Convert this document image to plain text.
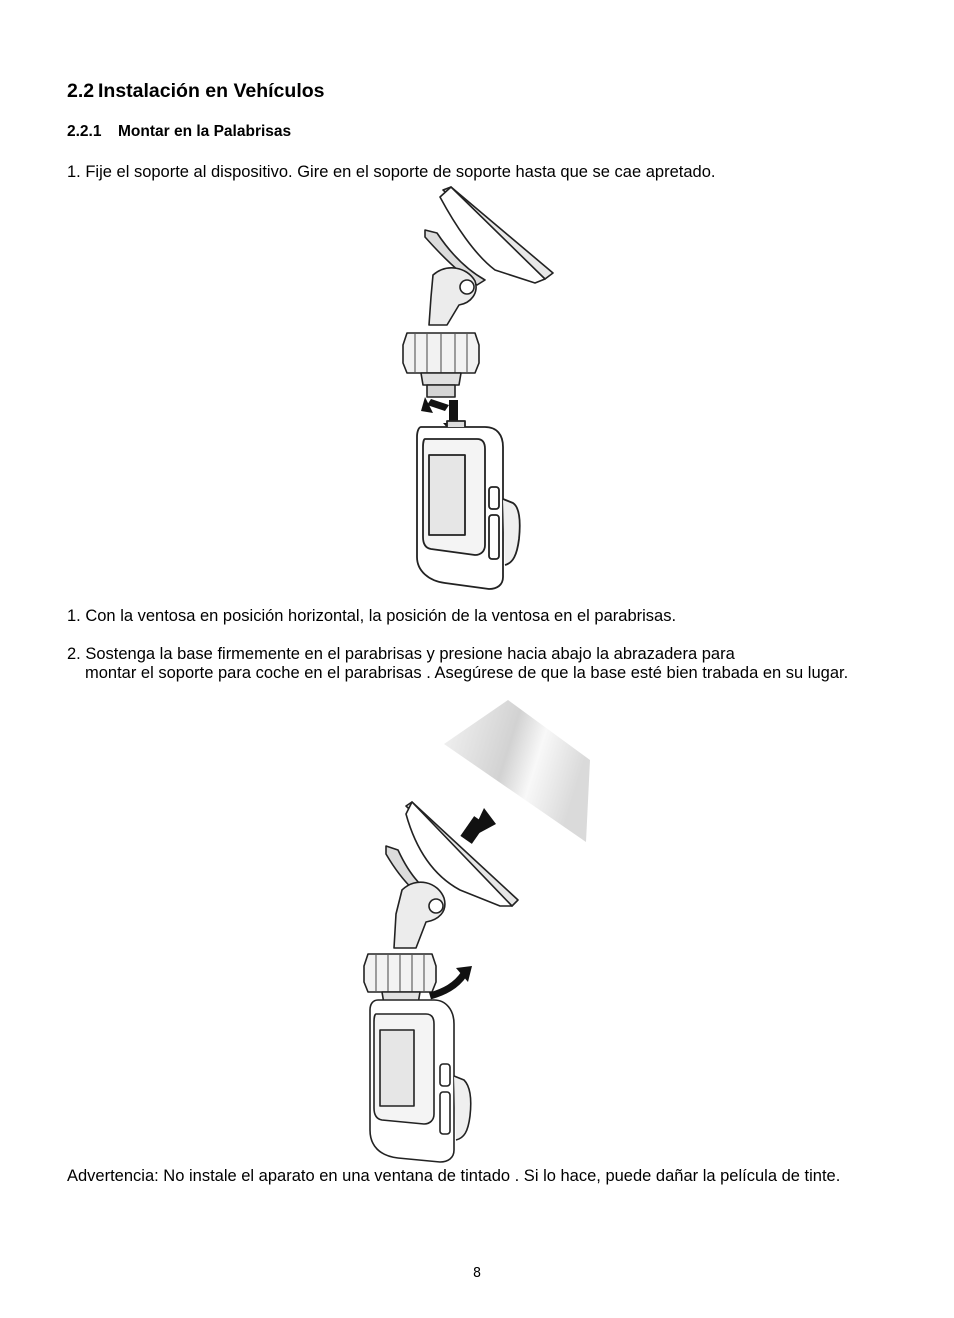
2.2 Instalación en Vehículos
2.2.1 Montar en la Palabrisas
1. Fije el soporte al dispositivo. Gire en el soporte de soporte hasta que se cae apretado.
1. Con la ventosa en posición horizontal, la posición de la ventosa en el parabrisas.
2. Sostenga la base firmemente en el parabrisas y presione hacia abajo la abrazadera para
montar el soporte para coche en el parabrisas . Asegúrese de que la base esté bien trabada en su lugar.
Advertencia: No instale el aparato en una ventana de tintado . Si lo hace, puede dañar la película de tinte.
8
